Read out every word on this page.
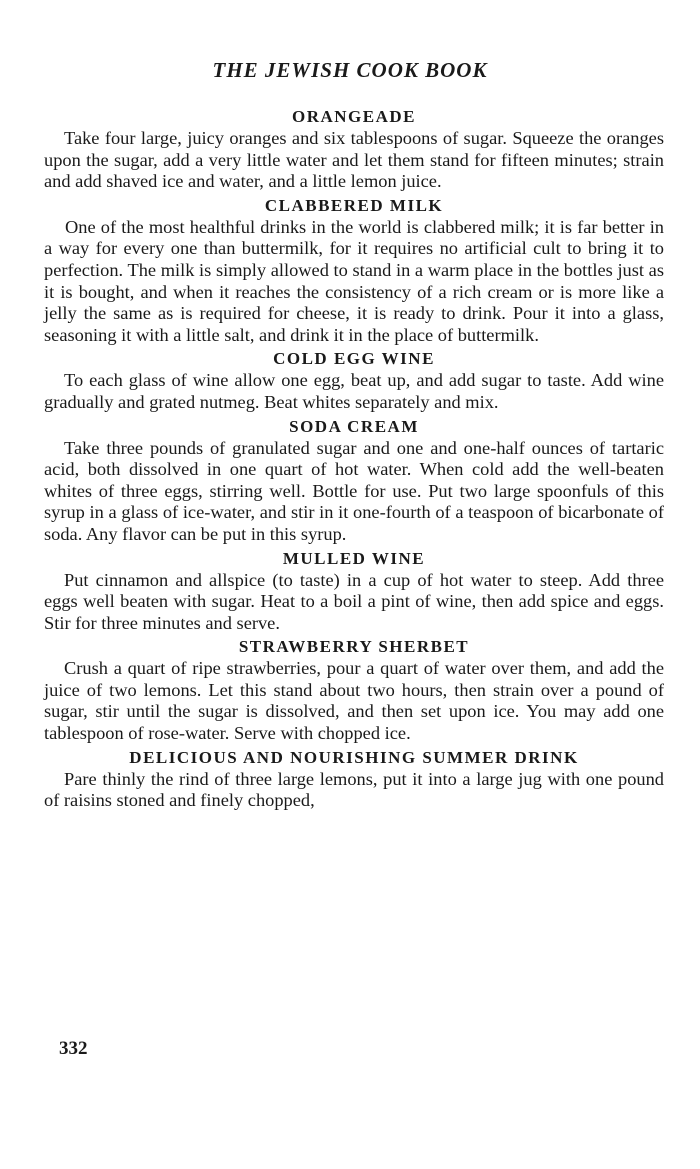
THE JEWISH COOK BOOK
ORANGEADE

Take four large, juicy oranges and six tablespoons of sugar. Squeeze the oranges upon the sugar, add a very little water and let them stand for fifteen minutes; strain and add shaved ice and water, and a little lemon juice.

CLABBERED MILK

One of the most healthful drinks in the world is clabbered milk; it is far better in a way for every one than buttermilk, for it requires no artificial cult to bring it to perfection. The milk is simply allowed to stand in a warm place in the bottles just as it is bought, and when it reaches the consistency of a rich cream or is more like a jelly the same as is required for cheese, it is ready to drink. Pour it into a glass, seasoning it with a little salt, and drink it in the place of buttermilk.

COLD EGG WINE

To each glass of wine allow one egg, beat up, and add sugar to taste. Add wine gradually and grated nutmeg. Beat whites separately and mix.

SODA CREAM

Take three pounds of granulated sugar and one and one-half ounces of tartaric acid, both dissolved in one quart of hot water. When cold add the well-beaten whites of three eggs, stirring well. Bottle for use. Put two large spoonfuls of this syrup in a glass of ice-water, and stir in it one-fourth of a teaspoon of bicarbonate of soda. Any flavor can be put in this syrup.

MULLED WINE

Put cinnamon and allspice (to taste) in a cup of hot water to steep. Add three eggs well beaten with sugar. Heat to a boil a pint of wine, then add spice and eggs. Stir for three minutes and serve.

STRAWBERRY SHERBET

Crush a quart of ripe strawberries, pour a quart of water over them, and add the juice of two lemons. Let this stand about two hours, then strain over a pound of sugar, stir until the sugar is dissolved, and then set upon ice. You may add one tablespoon of rose-water. Serve with chopped ice.

DELICIOUS AND NOURISHING SUMMER DRINK

Pare thinly the rind of three large lemons, put it into a large jug with one pound of raisins stoned and finely chopped,

332
